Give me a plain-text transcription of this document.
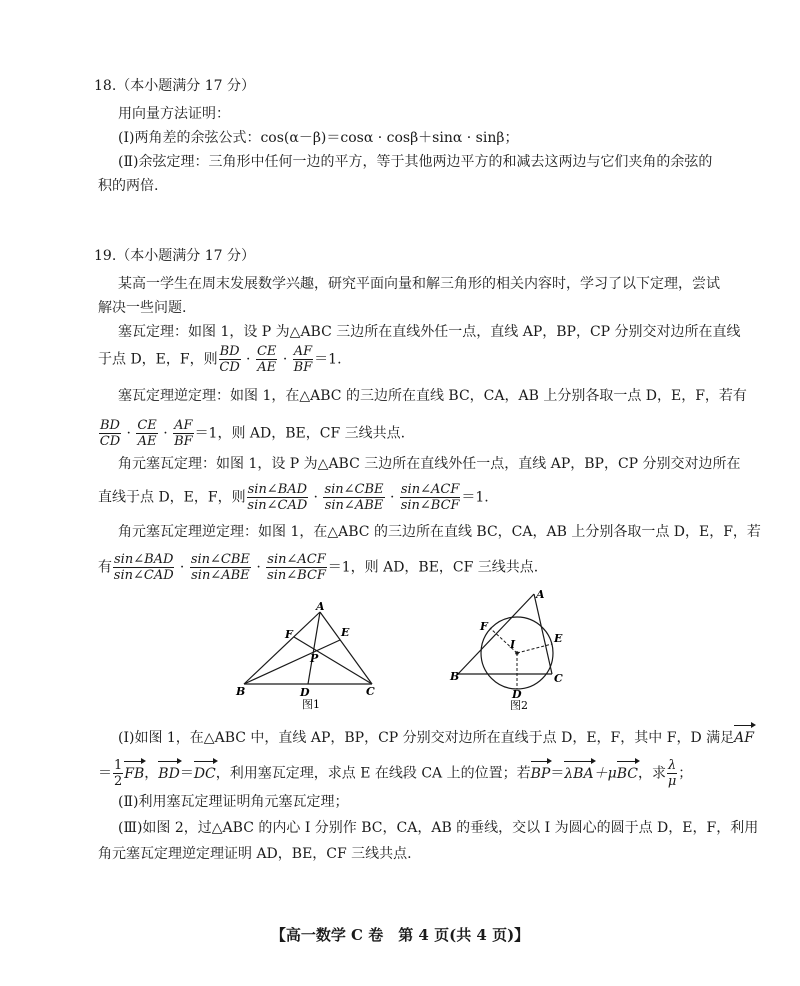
18.（本小题满分 17 分）
用向量方法证明：
(Ⅰ)两角差的余弦公式：cos(α－β)＝cosα · cosβ＋sinα · sinβ；
(Ⅱ)余弦定理：三角形中任何一边的平方，等于其他两边平方的和减去这两边与它们夹角的余弦的
积的两倍.
19.（本小题满分 17 分）
某高一学生在周末发展数学兴趣，研究平面向量和解三角形的相关内容时，学习了以下定理，尝试
解决一些问题.
塞瓦定理：如图 1，设 P 为△ABC 三边所在直线外任一点，直线 AP，BP，CP 分别交对边所在直线
于点 D，E，F，则 $\frac{BD}{CD} \cdot \frac{CE}{AE} \cdot \frac{AF}{BF} =1$.
塞瓦定理逆定理：如图 1，在△ABC 的三边所在直线 BC，CA，AB 上分别各取一点 D，E，F，若有
$\frac{BD}{CD} \cdot \frac{CE}{AE} \cdot \frac{AF}{BF} =1$，则 AD，BE，CF 三线共点.
角元塞瓦定理：如图 1，设 P 为△ABC 三边所在直线外任一点，直线 AP，BP，CP 分别交对边所在
直线于点 D，E，F，则 $\frac{\text{sin∠BAD}}{\text{sin∠CAD}} \cdot \frac{\text{sin∠CBE}}{\text{sin∠ABE}} \cdot \frac{\text{sin∠ACF}}{\text{sin∠BCF}} =1$.
角元塞瓦定理逆定理：如图 1，在△ABC 的三边所在直线 BC，CA，AB 上分别各取一点 D，E，F，若
有 $\frac{\text{sin∠BAD}}{\text{sin∠CAD}} \cdot \frac{\text{sin∠CBE}}{\text{sin∠ABE}} \cdot \frac{\text{sin∠ACF}}{\text{sin∠BCF}} =1$，则 AD，BE，CF 三线共点.
A
F	E
P
B	D	C
图1
A
F
E
I
B	C
D
图2
(Ⅰ)如图 1，在△ABC 中，直线 AP，BP，CP 分别交对边所在直线于点 D，E，F，其中 F，D 满足AF
＝ $\frac{1}{2}$ FB，BD＝DC，利用塞瓦定理，求点 E 在线段 CA 上的位置；若BP＝λBA＋μBC，求 $\frac{\lambda}{\mu}$ ；
(Ⅱ)利用塞瓦定理证明角元塞瓦定理；
(Ⅲ)如图 2，过△ABC 的内心 I 分别作 BC，CA，AB 的垂线，交以 I 为圆心的圆于点 D，E，F，利用
角元塞瓦定理逆定理证明 AD，BE，CF 三线共点.
【高一数学 C 卷　第 4 页(共 4 页)】
